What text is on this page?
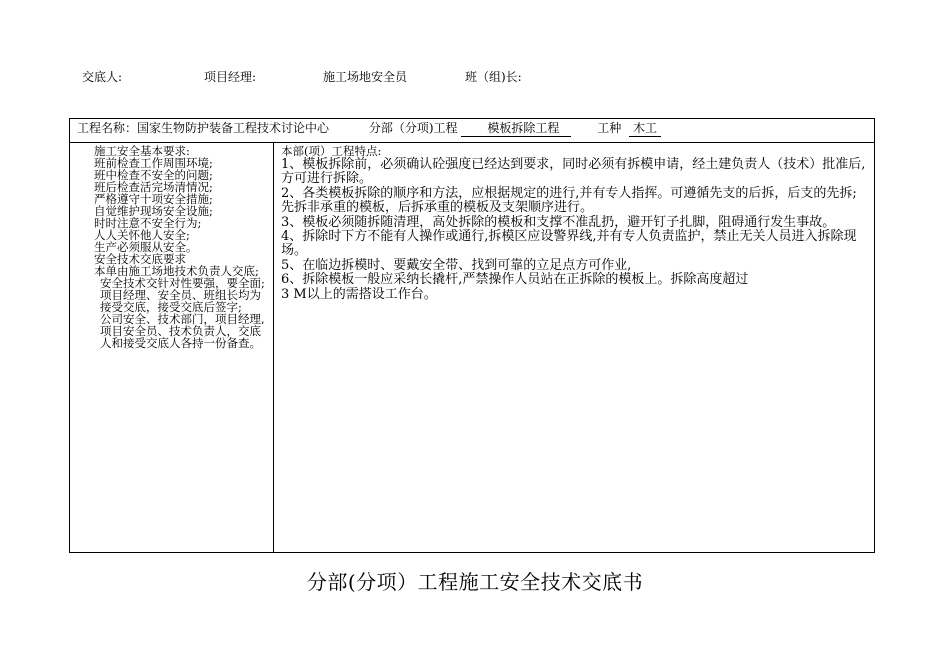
交底人:	项目经理:	施工场地安全员	班（组)长:
工程名称：国家生物防护装备工程技术讨论中心	分部（分项)工程 模板拆除工程	工种 木工
施工安全基本要求:
班前检查工作周围环境;
班中检查不安全的问题;
班后检查活完场清情况;
严格遵守十项安全措施;
自觉维护现场安全设施;
时时注意不安全行为;
人人关怀他人安全;
生产必须服从安全。
安全技术交底要求
本单由施工场地技术负责人交底;
安全技术交针对性要强，要全面;
项目经理、安全员、班组长均为接受交底，接受交底后签字;
公司安全、技术部门，项目经理,项目安全员、技术负责人，交底人和接受交底人各持一份备查。
本部(项）工程特点:
1、模板拆除前，必须确认砼强度已经达到要求，同时必须有拆模申请，经土建负责人（技术）批准后,方可进行拆除。
2、各类模板拆除的顺序和方法，应根据规定的进行,并有专人指挥。可遵循先支的后拆，后支的先拆;先拆非承重的模板，后拆承重的模板及支架顺序进行。
3、模板必须随拆随清理，高处拆除的模板和支撑不准乱扔，避开钉子扎脚，阻碍通行发生事故。
4、拆除时下方不能有人操作或通行,拆模区应设警界线,并有专人负责监护，禁止无关人员进入拆除现场。
5、在临边拆模时、要戴安全带、找到可靠的立足点方可作业,
6、拆除模板一般应采纳长撬杆,严禁操作人员站在正拆除的模板上。拆除高度超过
3 M以上的需搭设工作台。
分部(分项）工程施工安全技术交底书
